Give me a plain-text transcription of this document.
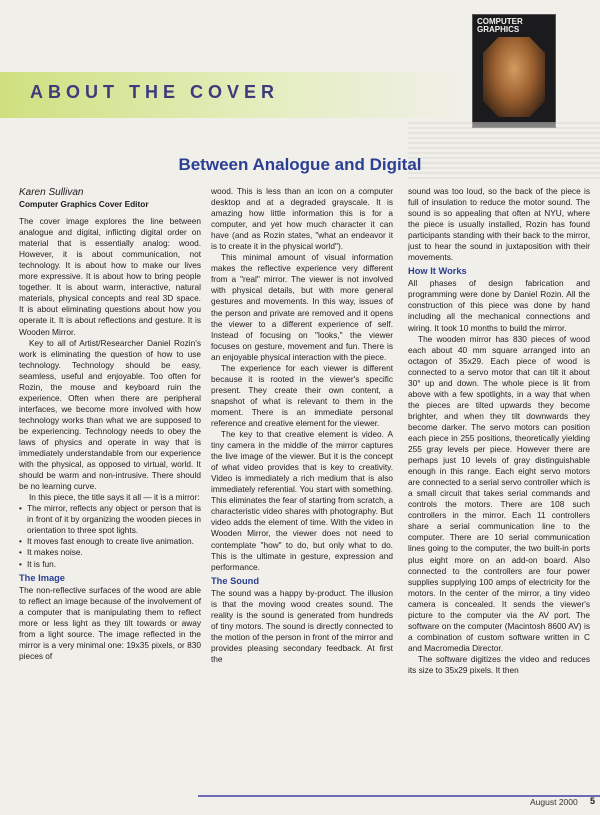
ABOUT THE COVER
COMPUTER
GRAPHICS
Between Analogue and Digital
Karen Sullivan
Computer Graphics Cover Editor

The cover image explores the line between analogue and digital, inflicting digital order on material that is essentially analog: wood. However, it is about communication, not technology. It is about how to make our lives more expressive. It is about how to bring people together. It is about warm, interactive, natural materials, physical concepts and real 3D space. It is about eliminating questions about how you operate it. It is about reflections and gesture. It is Wooden Mirror.

Key to all of Artist/Researcher Daniel Rozin's work is eliminating the question of how to use technology. Technology should be easy, seamless, useful and enjoyable. Too often for Rozin, the mouse and keyboard ruin the experience. Often when there are peripheral interfaces, we become more involved with how technology works than what we are supposed to be experiencing. Technology needs to obey the laws of physics and operate in way that is immediately understandable from our experience with the physical, as opposed to virtual, world. It should be warm and non-intrusive. There should be no learning curve.

In this piece, the title says it all — it is a mirror:

• The mirror, reflects any object or person that is in front of it by organizing the wooden pieces in orientation to three spot lights.
• It moves fast enough to create live animation.
• It makes noise.
• It is fun.
The Image

The non-reflective surfaces of the wood are able to reflect an image because of the involvement of a computer that is manipulating them to reflect more or less light as they tilt towards or away from a light source. The image reflected in the mirror is a very minimal one: 19x35 pixels, or 830 pieces of

wood. This is less than an icon on a computer desktop and at a degraded grayscale. It is amazing how little information this is for a computer, and yet how much character it can have (and as Rozin states, "what an endeavor it is to create it in the physical world").

This minimal amount of visual information makes the reflective experience very different from a "real" mirror. The viewer is not involved with physical details, but with more general gestures and movements. In this way, issues of the person and private are removed and it opens the viewer to a different experience of self. Instead of focusing on "looks," the viewer focuses on gesture, movement and fun. There is an enjoyable physical interaction with the piece.

The experience for each viewer is different because it is rooted in the viewer's specific present. They create their own content, a snapshot of what is relevant to them in the moment. There is an immediate personal reference and creative element for the viewer.

The key to that creative element is video. A tiny camera in the middle of the mirror captures the live image of the viewer. But it is the concept of what video provides that is key to creativity. Video is immediately a rich medium that is also immediately referential. You start with something. This eliminates the fear of starting from scratch, a characteristic video shares with photography. But video adds the element of time. With the video in Wooden Mirror, the viewer does not need to contemplate "how" to do, but only what to do. This is the ultimate in gesture, expression and performance.

The Sound

The sound was a happy by-product. The illusion is that the moving wood creates sound. The reality is the sound is generated from hundreds of tiny motors. The sound is directly connected to the motion of the person in front of the mirror and provides pleasing secondary feedback. At first the

sound was too loud, so the back of the piece is full of insulation to reduce the motor sound. The sound is so appealing that often at NYU, where the piece is usually installed, Rozin has found participants standing with their back to the mirror, just to hear the sound in juxtaposition with their movements.

How It Works

All phases of design fabrication and programming were done by Daniel Rozin. All the construction of this piece was done by hand including all the mechanical connections and wiring. It took 10 months to build the mirror.

The wooden mirror has 830 pieces of wood each about 40 mm square arranged into an octagon of 35x29. Each piece of wood is connected to a servo motor that can tilt it about 30° up and down. The whole piece is lit from above with a few spotlights, in a way that when the pieces are tilted upwards they become brighter, and when they tilt downwards they become darker. The servo motors can position each piece in 255 positions, theoretically yielding 255 gray levels per piece. However there are perhaps just 10 levels of gray distinguishable enough in this range. Each eight servo motors are connected to a serial servo controller which is a small circuit that takes serial commands and controls the motors. There are 108 such controllers in the mirror. Each 11 controllers share a serial communication line to the computer. There are 10 serial communication lines going to the computer, the two built-in ports plus eight more on an add-on board. Also connected to the controllers are four power supplies supplying 100 amps of electricity for the motors. In the center of the mirror, a tiny video camera is concealed. It sends the viewer's picture to the computer via the AV port. The software on the computer (Macintosh 8600 AV) is a combination of custom software written in C and Macromedia Director.

The software digitizes the video and reduces its size to 35x29 pixels. It then

August 2000 5
